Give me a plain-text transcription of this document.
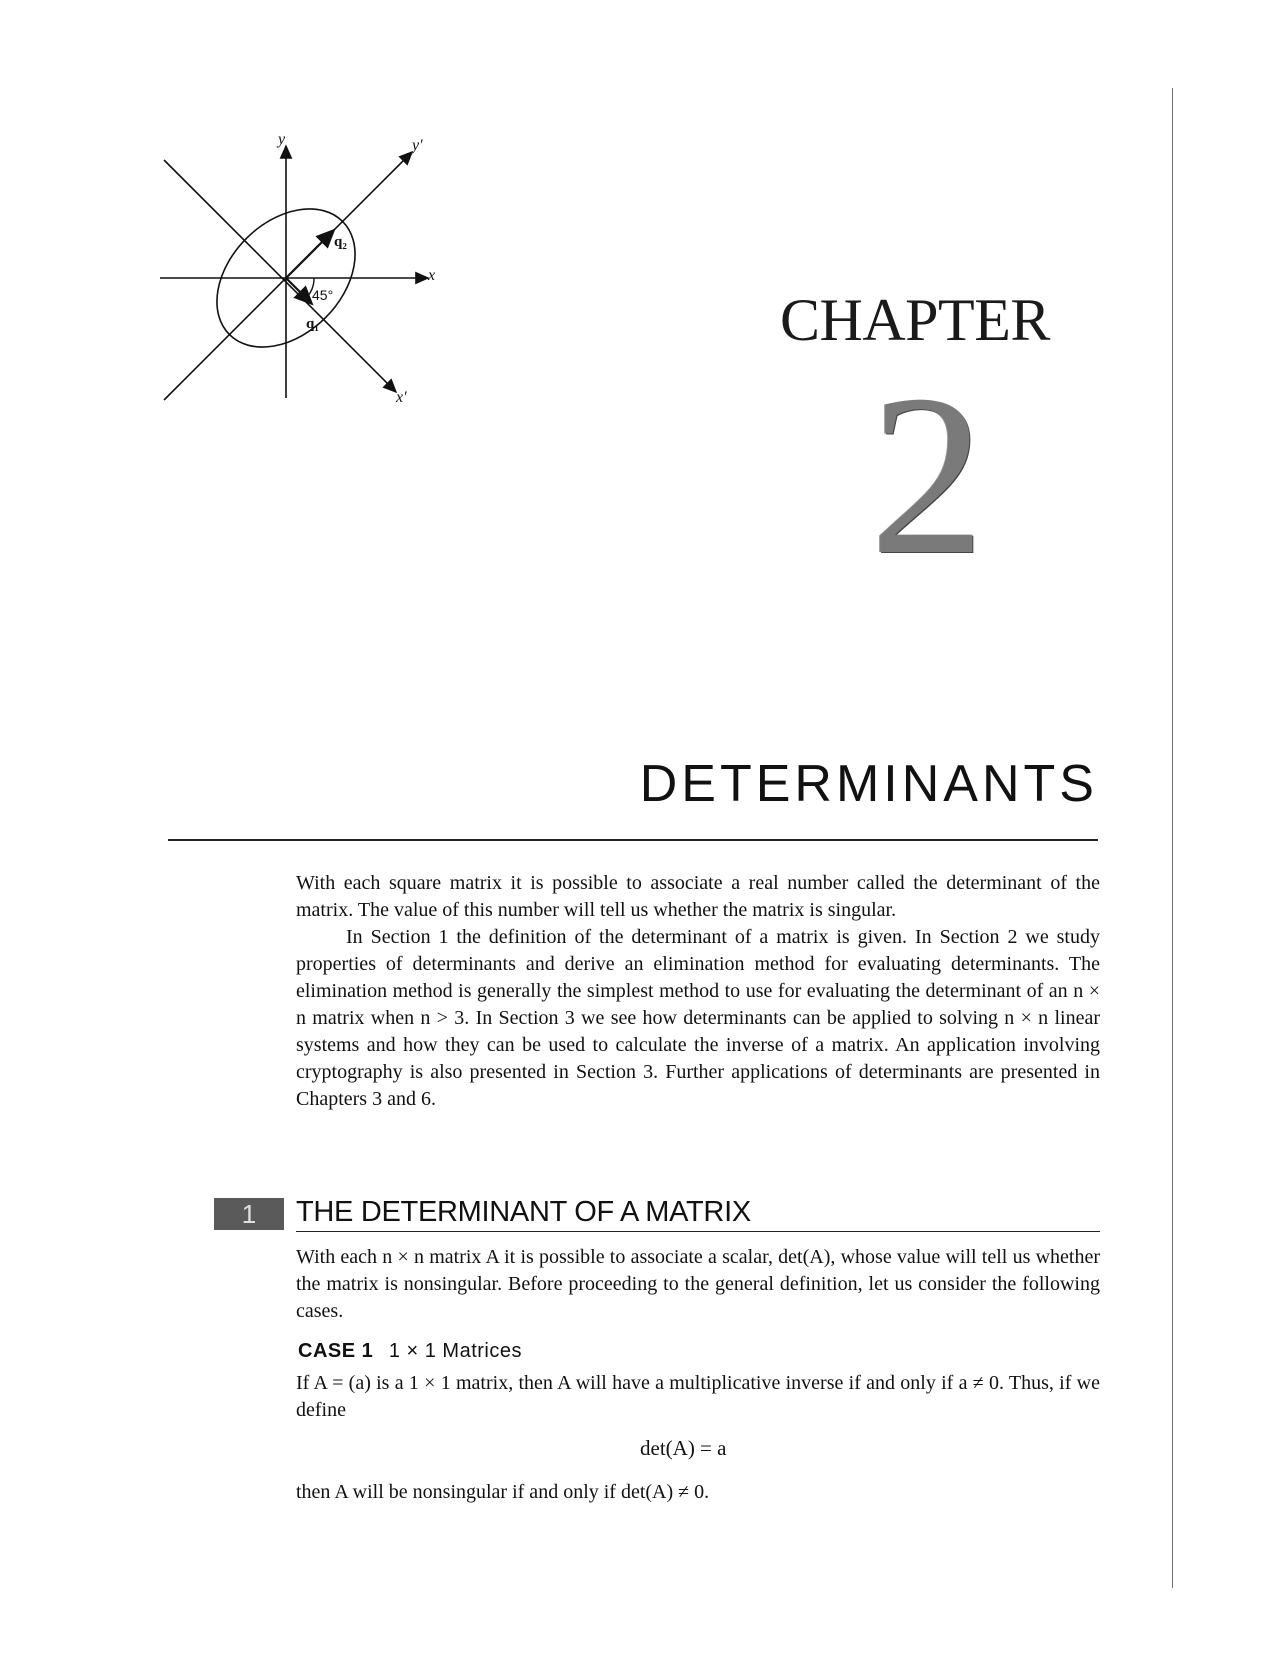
y
x
y′
x′
q₂
q₁
45°	CHAPTER
2
DETERMINANTS

With each square matrix it is possible to associate a real number called the determinant of the matrix. The value of this number will tell us whether the matrix is singular.

In Section 1 the definition of the determinant of a matrix is given. In Section 2 we study properties of determinants and derive an elimination method for evaluating determinants. The elimination method is generally the simplest method to use for evaluating the determinant of an n × n matrix when n > 3. In Section 3 we see how determinants can be applied to solving n × n linear systems and how they can be used to calculate the inverse of a matrix. An application involving cryptography is also presented in Section 3. Further applications of determinants are presented in Chapters 3 and 6.

1	THE DETERMINANT OF A MATRIX

With each n × n matrix A it is possible to associate a scalar, det(A), whose value will tell us whether the matrix is nonsingular. Before proceeding to the general definition, let us consider the following cases.

CASE 1 1 × 1 Matrices

If A = (a) is a 1 × 1 matrix, then A will have a multiplicative inverse if and only if a ≠ 0. Thus, if we define

det(A) = a

then A will be nonsingular if and only if det(A) ≠ 0.
